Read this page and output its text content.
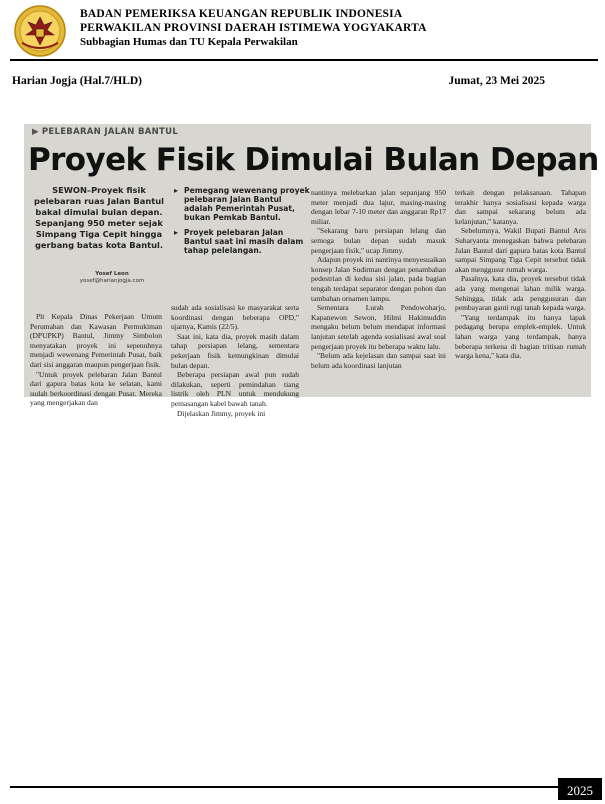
BADAN PEMERIKSA KEUANGAN REPUBLIK INDONESIA
PERWAKILAN PROVINSI DAERAH ISTIMEWA YOGYAKARTA
Subbagian Humas dan TU Kepala Perwakilan
Harian Jogja (Hal.7/HLD)	Jumat, 23 Mei 2025
▶ PELEBARAN JALAN BANTUL
Proyek Fisik Dimulai Bulan Depan
SEWON–Proyek fisik pelebaran ruas Jalan Bantul bakal dimulai bulan depan. Sepanjang 950 meter sejak Simpang Tiga Cepit hingga gerbang batas kota Bantul.
Yosef Leon
yosef@harianjogja.com
▸ Pemegang wewenang proyek pelebaran Jalan Bantul adalah Pemerintah Pusat, bukan Pemkab Bantul.
▸ Proyek pelebaran Jalan Bantul saat ini masih dalam tahap pelelangan.

Plt Kepala Dinas Pekerjaan Umum Perumahan dan Kawasan Permukiman (DPUPKP) Bantul, Jimmy Simbolon menyatakan proyek ini sepenuhnya menjadi wewenang Pemerintah Pusat, baik dari sisi anggaran maupun pengerjaan fisik.

"Untuk proyek pelebaran Jalan Bantul dari gapura batas kota ke selatan, kami sudah berkoordinasi dengan Pusat. Mereka yang mengerjakan dan

sudah ada sosialisasi ke masyarakat serta koordinasi dengan beberapa OPD," ujarnya, Kamis (22/5).

Saat ini, kata dia, proyek masih dalam tahap persiapan lelang, sementara pekerjaan fisik kemungkinan dimulai bulan depan.

Beberapa persiapan awal pun sudah dilakukan, seperti pemindahan tiang listrik oleh PLN untuk mendukung pemasangan kabel bawah tanah.

Dijelaskan Jimmy, proyek ini

nantinya melebarkan jalan sepanjang 950 meter menjadi dua lajur, masing-masing dengan lebar 7-10 meter dan anggaran Rp17 miliar.

"Sekarang baru persiapan lelang dan semoga bulan depan sudah masuk pengerjaan fisik," ucap Jimmy.

Adapun proyek ini nantinya menyesuaikan konsep Jalan Sudirman dengan penambahan pedestrian di kedua sisi jalan, pada bagian tengah terdapat separator dengan pohon dan tambahan ornamen lampu.

Sementara Lurah Pendowoharjo, Kapanewon Sewon, Hilmi Hakimuddin mengaku belum belum mendapat informasi lanjutan setelah agenda sosialisasi awal soal pengerjaan proyek itu beberapa waktu lalu.

"Belum ada kejelasan dan sampai saat ini belum ada koordinasi lanjutan

terkait dengan pelaksanaan. Tahapan terakhir hanya sosialisasi kepada warga dan sampai sekarang belum ada kelanjutan," katanya.

Sebelumnya, Wakil Bupati Bantul Aris Suharyanta menegaskan bahwa pelebaran Jalan Bantul dari gapura batas kota Bantul sampai Simpang Tiga Cepit tersebut tidak akan menggusur rumah warga.

Pasalnya, kata dia, proyek tersebut tidak ada yang mengenai lahan milik warga. Sehingga, tidak ada penggusuran dan pembayaran ganti rugi tanah kepada warga.

"Yang terdampak itu hanya lapak pedagang berupa emplek-emplek. Untuk lahan warga yang terdampak, hanya beberapa terkena di bagian tritisan rumah warga kena," kata dia.

2025
